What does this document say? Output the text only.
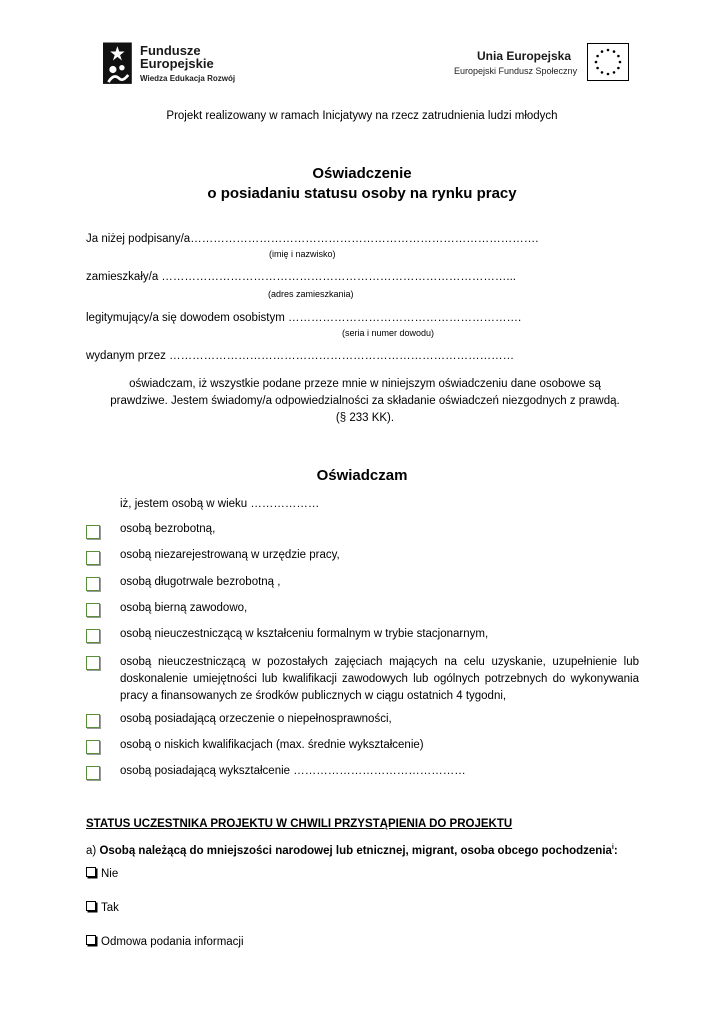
Fundusze
Europejskie
Wiedza Edukacja Rozwój
Unia Europejska
Europejski Fundusz Społeczny
Projekt realizowany w ramach Inicjatywy na rzecz zatrudnienia ludzi młodych
Oświadczenie
o posiadaniu statusu osoby na rynku pracy
Ja niżej podpisany/a……………………………………………………………………………….
(imię i nazwisko)
zamieszkały/a ………………………………………………………………………………...
(adres zamieszkania)
legitymujący/a się dowodem osobistym …………………………………………………….
(seria i numer dowodu)
wydanym przez ………………………………………………………………………………
oświadczam, iż wszystkie podane przeze mnie w niniejszym oświadczeniu dane osobowe są
prawdziwe. Jestem świadomy/a odpowiedzialności za składanie oświadczeń niezgodnych z prawdą.
(§ 233 KK).
Oświadczam
iż, jestem osobą w wieku ………………
osobą bezrobotną,
osobą niezarejestrowaną w urzędzie pracy,
osobą długotrwale bezrobotną ,
osobą bierną zawodowo,
osobą nieuczestniczącą w kształceniu formalnym w trybie stacjonarnym,
osobą nieuczestniczącą w pozostałych zajęciach mających na celu uzyskanie, uzupełnienie lub doskonalenie umiejętności lub kwalifikacji zawodowych lub ogólnych potrzebnych do wykonywania pracy a finansowanych ze środków publicznych w ciągu ostatnich 4 tygodni,
osobą posiadającą orzeczenie o niepełnosprawności,
osobą o niskich kwalifikacjach (max. średnie wykształcenie)
osobą posiadającą wykształcenie ………………………………………
STATUS UCZESTNIKA PROJEKTU W CHWILI PRZYSTĄPIENIA DO PROJEKTU
a) Osobą należącą do mniejszości narodowej lub etnicznej, migrant, osoba obcego pochodzenia$^i$:
Nie
Tak
Odmowa podania informacji
